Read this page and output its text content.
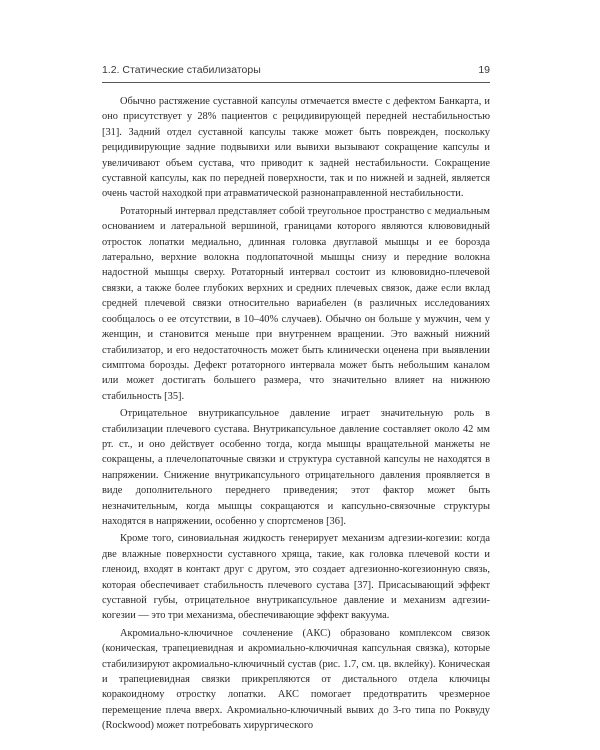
1.2. Статические стабилизаторы	19

Обычно растяжение суставной капсулы отмечается вместе с дефектом Банкарта, и оно присутствует у 28% пациентов с рецидивирующей передней нестабильностью [31]. Задний отдел суставной капсулы также может быть поврежден, поскольку рецидивирующие задние подвывихи или вывихи вызывают сокращение капсулы и увеличивают объем сустава, что приводит к задней нестабильности. Сокращение суставной капсулы, как по передней поверхности, так и по нижней и задней, является очень частой находкой при атравматической разнонаправленной нестабильности.

Ротаторный интервал представляет собой треугольное пространство с медиальным основанием и латеральной вершиной, границами которого являются клювовидный отросток лопатки медиально, длинная головка двуглавой мышцы и ее борозда латерально, верхние волокна подлопаточной мышцы снизу и передние волокна надостной мышцы сверху. Ротаторный интервал состоит из клювовидно-плечевой связки, а также более глубоких верхних и средних плечевых связок, даже если вклад средней плечевой связки относительно вариабелен (в различных исследованиях сообщалось о ее отсутствии, в 10–40% случаев). Обычно он больше у мужчин, чем у женщин, и становится меньше при внутреннем вращении. Это важный нижний стабилизатор, и его недостаточность может быть клинически оценена при выявлении симптома борозды. Дефект ротаторного интервала может быть небольшим каналом или может достигать большего размера, что значительно влияет на нижнюю стабильность [35].

Отрицательное внутрикапсульное давление играет значительную роль в стабилизации плечевого сустава. Внутрикапсульное давление составляет около 42 мм рт. ст., и оно действует особенно тогда, когда мышцы вращательной манжеты не сокращены, а плечелопаточные связки и структура суставной капсулы не находятся в напряжении. Снижение внутрикапсульного отрицательного давления проявляется в виде дополнительного переднего приведения; этот фактор может быть незначительным, когда мышцы сокращаются и капсульно-связочные структуры находятся в напряжении, особенно у спортсменов [36].

Кроме того, синовиальная жидкость генерирует механизм адгезии-когезии: когда две влажные поверхности суставного хряща, такие, как головка плечевой кости и гленоид, входят в контакт друг с другом, это создает адгезионно-когезионную связь, которая обеспечивает стабильность плечевого сустава [37]. Присасывающий эффект суставной губы, отрицательное внутрикапсульное давление и механизм адгезии-когезии — это три механизма, обеспечивающие эффект вакуума.

Акромиально-ключичное сочленение (АКС) образовано комплексом связок (коническая, трапециевидная и акромиально-ключичная капсульная связка), которые стабилизируют акромиально-ключичный сустав (рис. 1.7, см. цв. вклейку). Коническая и трапециевидная связки прикрепляются от дистального отдела ключицы коракоидному отростку лопатки. АКС помогает предотвратить чрезмерное перемещение плеча вверх. Акромиально-ключичный вывих до 3-го типа по Роквуду (Rockwood) может потребовать хирургического
